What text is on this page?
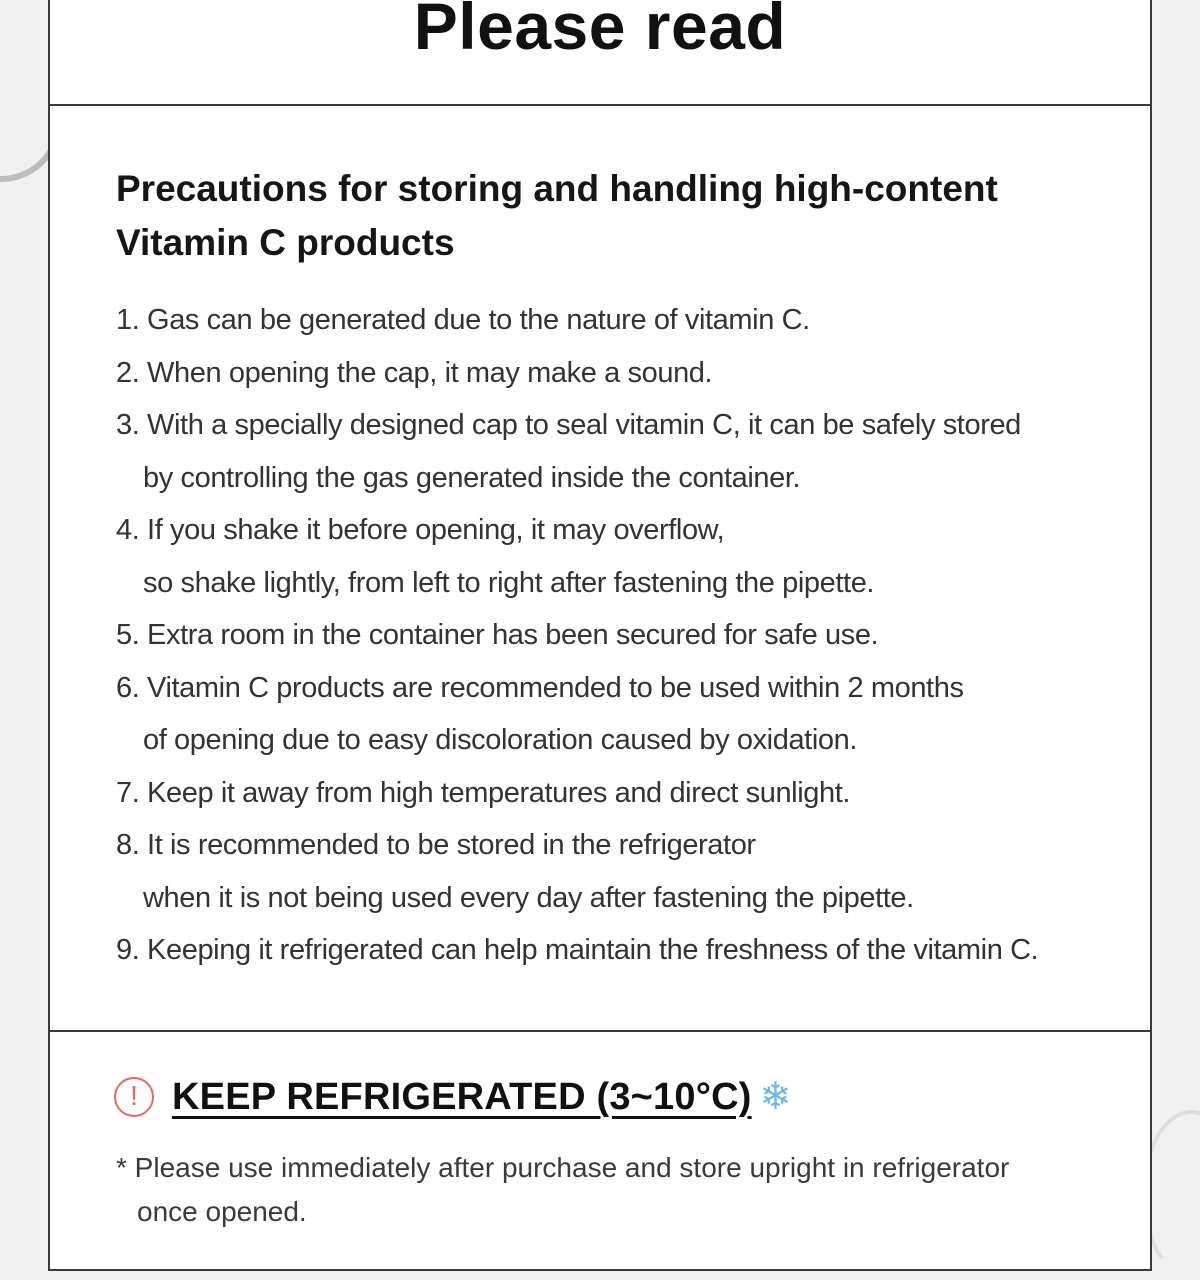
Please read
Precautions for storing and handling high-content
Vitamin C products
1. Gas can be generated due to the nature of vitamin C.
2. When opening the cap, it may make a sound.
3. With a specially designed cap to seal vitamin C, it can be safely stored
by controlling the gas generated inside the container.
4. If you shake it before opening, it may overflow,
so shake lightly, from left to right after fastening the pipette.
5. Extra room in the container has been secured for safe use.
6. Vitamin C products are recommended to be used within 2 months
of opening due to easy discoloration caused by oxidation.
7. Keep it away from high temperatures and direct sunlight.
8. It is recommended to be stored in the refrigerator
when it is not being used every day after fastening the pipette.
9. Keeping it refrigerated can help maintain the freshness of the vitamin C.
! KEEP REFRIGERATED (3~10°C) ❄

* Please use immediately after purchase and store upright in refrigerator
once opened.
